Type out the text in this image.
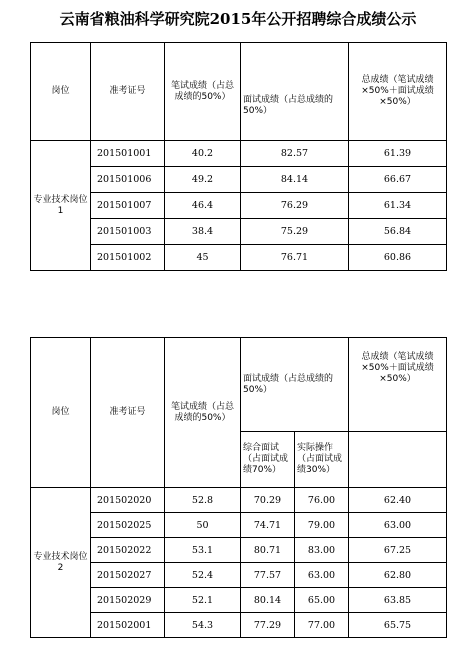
云南省粮油科学研究院2015年公开招聘综合成绩公示
岗位	准考证号	笔试成绩（占总成绩的50%）	面试成绩（占总成绩的50%）	总成绩（笔试成绩×50%＋面试成绩×50%）
专业技术岗位1	201501001	40.2	82.57	61.39
	201501006	49.2	84.14	66.67
	201501007	46.4	76.29	61.34
	201501003	38.4	75.29	56.84
	201501002	45	76.71	60.86
岗位	准考证号	笔试成绩（占总成绩的50%）	面试成绩（占总成绩的50%）		总成绩（笔试成绩×50%＋面试成绩×50%）
			综合面试（占面试成绩70%）	实际操作（占面试成绩30%）	
专业技术岗位2	201502020	52.8	70.29	76.00	62.40
	201502025	50	74.71	79.00	63.00
	201502022	53.1	80.71	83.00	67.25
	201502027	52.4	77.57	63.00	62.80
	201502029	52.1	80.14	65.00	63.85
	201502001	54.3	77.29	77.00	65.75
